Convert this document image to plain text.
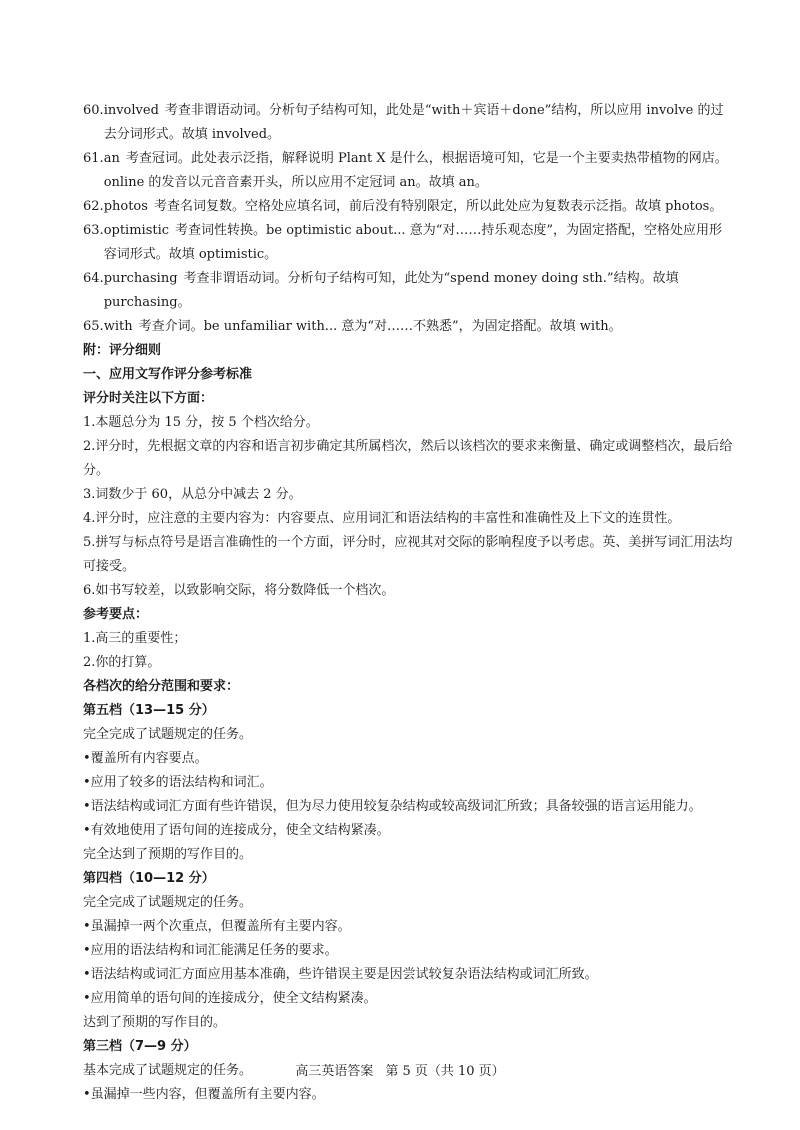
60. involved 考查非谓语动词。分析句子结构可知，此处是“with＋宾语＋done”结构，所以应用 involve 的过去分词形式。故填 involved。
61. an 考查冠词。此处表示泛指，解释说明 Plant X 是什么，根据语境可知，它是一个主要卖热带植物的网店。online 的发音以元音音素开头，所以应用不定冠词 an。故填 an。
62. photos 考查名词复数。空格处应填名词，前后没有特别限定，所以此处应为复数表示泛指。故填 photos。
63. optimistic 考查词性转换。be optimistic about... 意为“对……持乐观态度”，为固定搭配，空格处应用形容词形式。故填 optimistic。
64. purchasing 考查非谓语动词。分析句子结构可知，此处为“spend money doing sth.”结构。故填 purchasing。
65. with 考查介词。be unfamiliar with... 意为“对……不熟悉”，为固定搭配。故填 with。

附：评分细则

一、应用文写作评分参考标准

评分时关注以下方面：

1.本题总分为 15 分，按 5 个档次给分。

2.评分时，先根据文章的内容和语言初步确定其所属档次，然后以该档次的要求来衡量、确定或调整档次，最后给分。

3.词数少于 60，从总分中减去 2 分。

4.评分时，应注意的主要内容为：内容要点、应用词汇和语法结构的丰富性和准确性及上下文的连贯性。

5.拼写与标点符号是语言准确性的一个方面，评分时，应视其对交际的影响程度予以考虑。英、美拼写词汇用法均可接受。

6.如书写较差，以致影响交际，将分数降低一个档次。

参考要点：

1.高三的重要性；

2.你的打算。

各档次的给分范围和要求：

第五档（13—15 分）

完全完成了试题规定的任务。

•覆盖所有内容要点。

•应用了较多的语法结构和词汇。

•语法结构或词汇方面有些许错误，但为尽力使用较复杂结构或较高级词汇所致；具备较强的语言运用能力。

•有效地使用了语句间的连接成分，使全文结构紧凑。

完全达到了预期的写作目的。

第四档（10—12 分）

完全完成了试题规定的任务。

•虽漏掉一两个次重点，但覆盖所有主要内容。

•应用的语法结构和词汇能满足任务的要求。

•语法结构或词汇方面应用基本准确，些许错误主要是因尝试较复杂语法结构或词汇所致。

•应用简单的语句间的连接成分，使全文结构紧凑。

达到了预期的写作目的。

第三档（7—9 分）

基本完成了试题规定的任务。

•虽漏掉一些内容，但覆盖所有主要内容。

高三英语答案 第 5 页（共 10 页）
